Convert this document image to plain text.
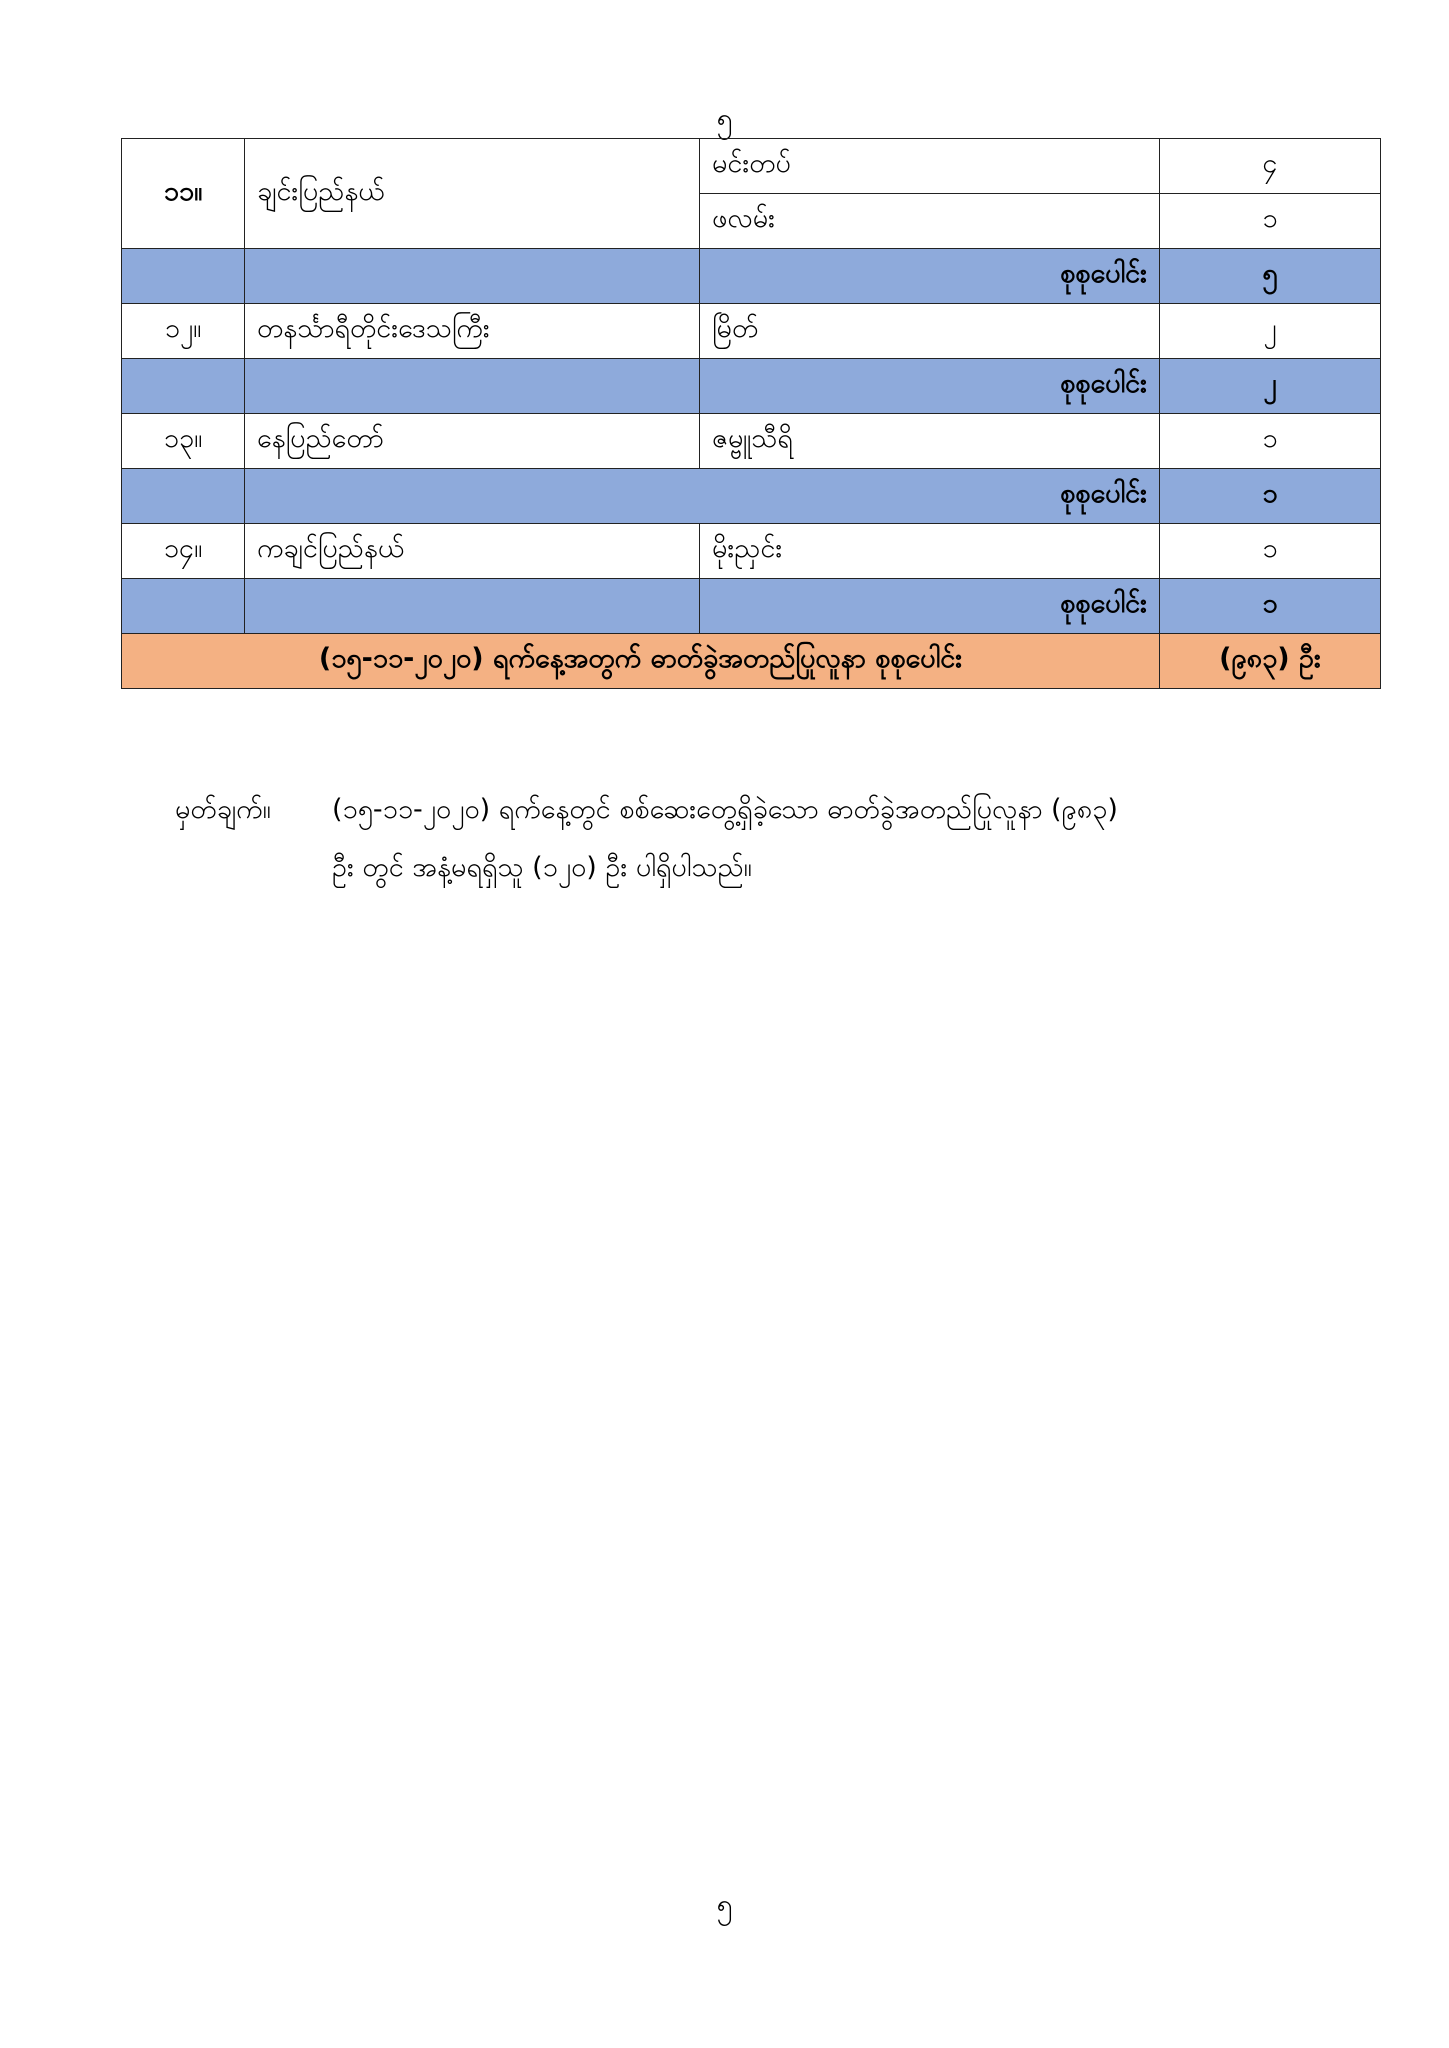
၅
၁၁။	ချင်းပြည်နယ်	မင်းတပ်	၄
		ဖလမ်း	၁
		စုစုပေါင်း	၅
၁၂။	တနင်္သာရီတိုင်းဒေသကြီး	မြိတ်	၂
		စုစုပေါင်း	၂
၁၃။	နေပြည်တော်	ဇမ္ဗူသီရိ	၁
	စုစုပေါင်း		၁
၁၄။	ကချင်ပြည်နယ်	မိုးညှင်း	၁
		စုစုပေါင်း	၁
(၁၅-၁၁-၂၀၂၀) ရက်နေ့အတွက် ဓာတ်ခွဲအတည်ပြုလူနာ စုစုပေါင်း			(၉၈၃) ဦး
မှတ်ချက်။ (၁၅-၁၁-၂၀၂၀) ရက်နေ့တွင် စစ်ဆေးတွေ့ရှိခဲ့သော ဓာတ်ခွဲအတည်ပြုလူနာ (၉၈၃)
ဦး တွင် အနံ့မရရှိသူ (၁၂၀) ဦး ပါရှိပါသည်။
၅
